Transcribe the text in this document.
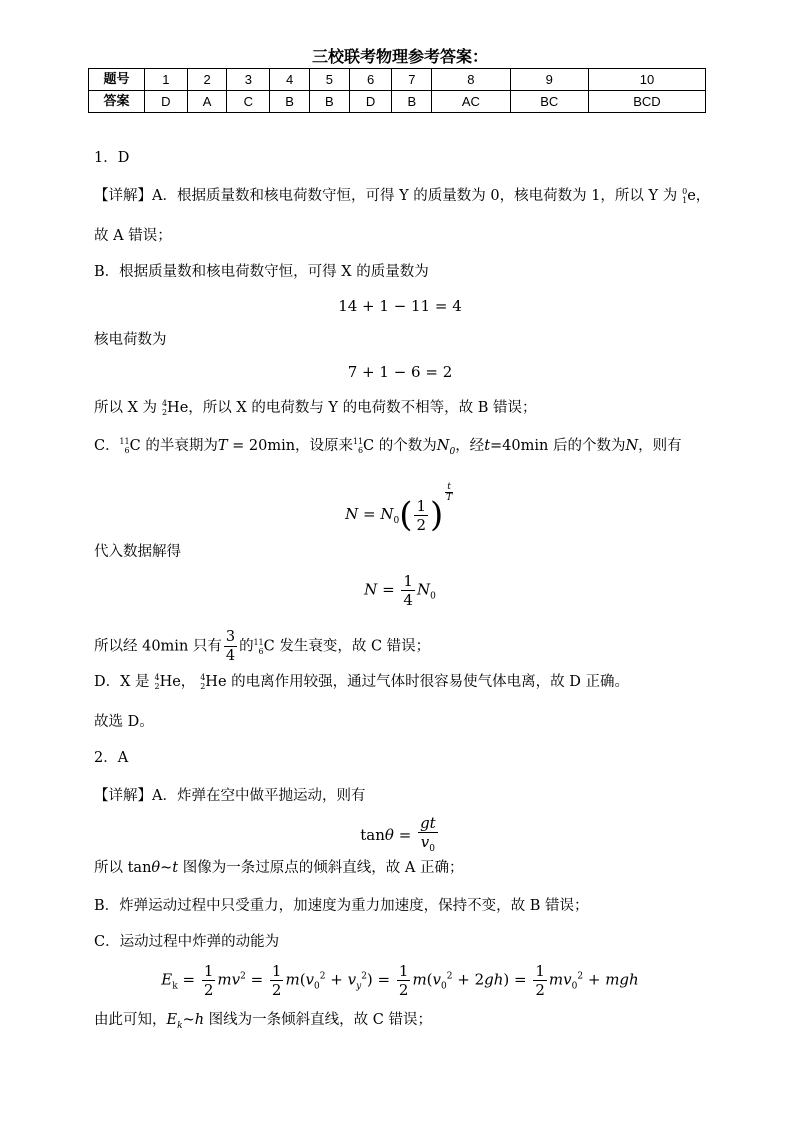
三校联考物理参考答案：
题号	1	2	3	4	5	6	7	8	9	10
答案	D	A	C	B	B	D	B	AC	BC	BCD
1．D
【详解】A．根据质量数和核电荷数守恒，可得 Y 的质量数为 0，核电荷数为 1，所以 Y 为 0
1 e，
故 A 错误；
B．根据质量数和核电荷数守恒，可得 X 的质量数为
14 + 1 − 11 = 4
核电荷数为
7 + 1 − 6 = 2
所以 X 为 4
2 He，所以 X 的电荷数与 Y 的电荷数不相等，故 B 错误；
C． 11
6 C 的半衰期为T = 20min，设原来 11
6 C 的个数为$N_0$，经t=40min 后的个数为N，则有
$N = N_0( \frac{1}{2}$ )
$^{\frac{t}{T}}$
代入数据解得
$N = \frac{1}{4} N_0$
所以经 40min 只有 $\frac{3}{4}$ 的 11
6 C 发生衰变，故 C 错误；
D．X 是 4
2 He， 4
2 He 的电离作用较强，通过气体时很容易使气体电离，故 D 正确。
故选 D。
2．A
【详解】A．炸弹在空中做平抛运动，则有
$\tan\theta = \frac{gt}{v_0}$
所以 tanθ~t 图像为一条过原点的倾斜直线，故 A 正确；
B．炸弹运动过程中只受重力，加速度为重力加速度，保持不变，故 B 错误；
C．运动过程中炸弹的动能为
$E_k = \frac{1}{2} mv^2 = \frac{1}{2} m(v_0^2 + v_y^2) = \frac{1}{2} m(v_0^2 + 2gh) = \frac{1}{2} mv_0^2$ + mgh
由此可知，$E_k\sim h$ 图线为一条倾斜直线，故 C 错误；
